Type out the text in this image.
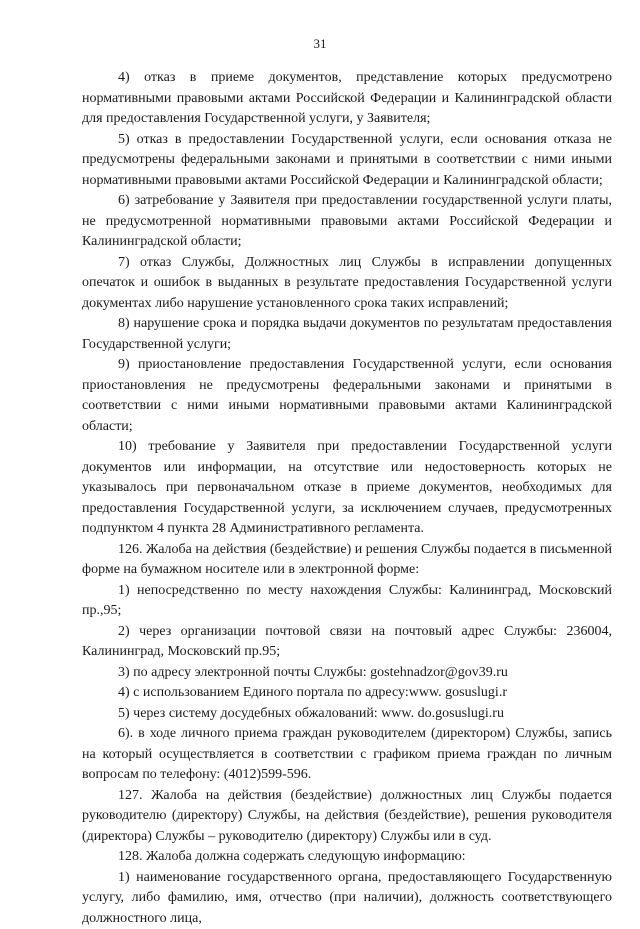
31

4) отказ в приеме документов, представление которых предусмотрено нормативными правовыми актами Российской Федерации и Калининградской области для предоставления Государственной услуги, у Заявителя;

5) отказ в предоставлении Государственной услуги, если основания отказа не предусмотрены федеральными законами и принятыми в соответствии с ними иными нормативными правовыми актами Российской Федерации и Калининградской области;

6) затребование у Заявителя при предоставлении государственной услуги платы, не предусмотренной нормативными правовыми актами Российской Федерации и Калининградской области;

7) отказ Службы, Должностных лиц Службы в исправлении допущенных опечаток и ошибок в выданных в результате предоставления Государственной услуги документах либо нарушение установленного срока таких исправлений;

8) нарушение срока и порядка выдачи документов по результатам предоставления Государственной услуги;

9) приостановление предоставления Государственной услуги, если основания приостановления не предусмотрены федеральными законами и принятыми в соответствии с ними иными нормативными правовыми актами Калининградской области;

10) требование у Заявителя при предоставлении Государственной услуги документов или информации, на отсутствие или недостоверность которых не указывалось при первоначальном отказе в приеме документов, необходимых для предоставления Государственной услуги, за исключением случаев, предусмотренных подпунктом 4 пункта 28 Административного регламента.

126. Жалоба на действия (бездействие) и решения Службы подается в письменной форме на бумажном носителе или в электронной форме:

1) непосредственно по месту нахождения Службы: Калининград, Московский пр.,95;

2) через организации почтовой связи на почтовый адрес Службы: 236004, Калининград, Московский пр.95;

3) по адресу электронной почты Службы: gostehnadzor@gov39.ru

4) с использованием Единого портала по адресу:www. gosuslugi.r

5) через систему досудебных обжалований: www. do.gosuslugi.ru

6). в ходе личного приема граждан руководителем (директором) Службы, запись на который осуществляется в соответствии с графиком приема граждан по личным вопросам по телефону: (4012)599-596.

127. Жалоба на действия (бездействие) должностных лиц Службы подается руководителю (директору) Службы, на действия (бездействие), решения руководителя (директора) Службы – руководителю (директору) Службы или в суд.

128. Жалоба должна содержать следующую информацию:

1) наименование государственного органа, предоставляющего Государственную услугу, либо фамилию, имя, отчество (при наличии), должность соответствующего должностного лица,
